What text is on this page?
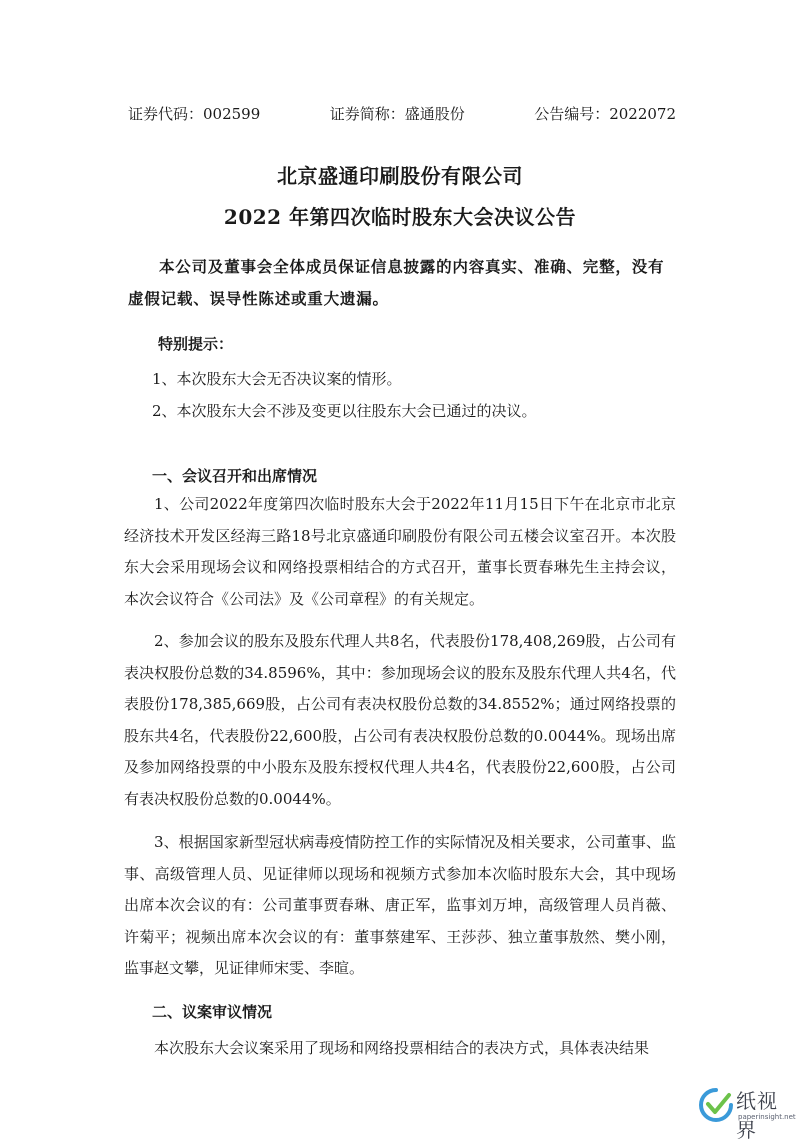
证券代码：002599	证券简称：盛通股份	公告编号：2022072
北京盛通印刷股份有限公司
2022 年第四次临时股东大会决议公告
本公司及董事会全体成员保证信息披露的内容真实、准确、完整，没有虚假记载、误导性陈述或重大遗漏。
特别提示：
1、本次股东大会无否决议案的情形。
2、本次股东大会不涉及变更以往股东大会已通过的决议。
一、会议召开和出席情况
1、公司2022年度第四次临时股东大会于2022年11月15日下午在北京市北京经济技术开发区经海三路18号北京盛通印刷股份有限公司五楼会议室召开。本次股东大会采用现场会议和网络投票相结合的方式召开，董事长贾春琳先生主持会议，本次会议符合《公司法》及《公司章程》的有关规定。
2、参加会议的股东及股东代理人共8名，代表股份178,408,269股，占公司有表决权股份总数的34.8596%，其中：参加现场会议的股东及股东代理人共4名，代表股份178,385,669股，占公司有表决权股份总数的34.8552%；通过网络投票的股东共4名，代表股份22,600股，占公司有表决权股份总数的0.0044%。现场出席及参加网络投票的中小股东及股东授权代理人共4名，代表股份22,600股，占公司有表决权股份总数的0.0044%。
3、根据国家新型冠状病毒疫情防控工作的实际情况及相关要求，公司董事、监事、高级管理人员、见证律师以现场和视频方式参加本次临时股东大会，其中现场出席本次会议的有：公司董事贾春琳、唐正军，监事刘万坤，高级管理人员肖薇、许菊平；视频出席本次会议的有：董事蔡建军、王莎莎、独立董事敖然、樊小刚，监事赵文攀，见证律师宋雯、李暄。
二、议案审议情况
本次股东大会议案采用了现场和网络投票相结合的表决方式，具体表决结果
纸视界
paperinsight.net
